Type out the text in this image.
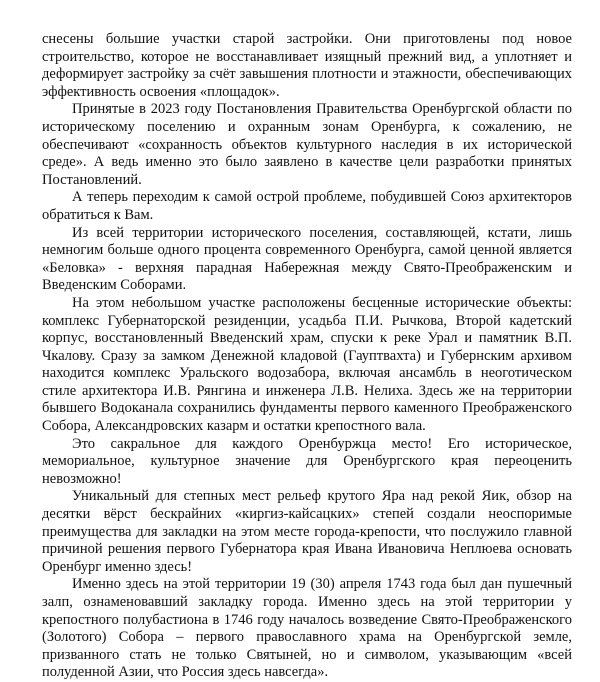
снесены большие участки старой застройки. Они приготовлены под новое строительство, которое не восстанавливает изящный прежний вид, а уплотняет и деформирует застройку за счёт завышения плотности и этажности, обеспечивающих эффективность освоения «площадок».

Принятые в 2023 году Постановления Правительства Оренбургской области по историческому поселению и охранным зонам Оренбурга, к сожалению, не обеспечивают «сохранность объектов культурного наследия в их исторической среде». А ведь именно это было заявлено в качестве цели разработки принятых Постановлений.

А теперь переходим к самой острой проблеме, побудившей Союз архитекторов обратиться к Вам.

Из всей территории исторического поселения, составляющей, кстати, лишь немногим больше одного процента современного Оренбурга, самой ценной является «Беловка» - верхняя парадная Набережная между Свято-Преображенским и Введенским Соборами.

На этом небольшом участке расположены бесценные исторические объекты: комплекс Губернаторской резиденции, усадьба П.И. Рычкова, Второй кадетский корпус, восстановленный Введенский храм, спуски к реке Урал и памятник В.П. Чкалову. Сразу за замком Денежной кладовой (Гауптвахта) и Губернским архивом находится комплекс Уральского водозабора, включая ансамбль в неоготическом стиле архитектора И.В. Рянгина и инженера Л.В. Нелиха. Здесь же на территории бывшего Водоканала сохранились фундаменты первого каменного Преображенского Собора, Александровских казарм и остатки крепостного вала.

Это сакральное для каждого Оренбуржца место! Его историческое, мемориальное, культурное значение для Оренбургского края переоценить невозможно!

Уникальный для степных мест рельеф крутого Яра над рекой Яик, обзор на десятки вёрст бескрайних «киргиз-кайсацких» степей создали неоспоримые преимущества для закладки на этом месте города-крепости, что послужило главной причиной решения первого Губернатора края Ивана Ивановича Неплюева основать Оренбург именно здесь!

Именно здесь на этой территории 19 (30) апреля 1743 года был дан пушечный залп, ознаменовавший закладку города. Именно здесь на этой территории у крепостного полубастиона в 1746 году началось возведение Свято-Преображенского (Золотого) Собора – первого православного храма на Оренбургской земле, призванного стать не только Святыней, но и символом, указывающим «всей полуденной Азии, что Россия здесь навсегда».
